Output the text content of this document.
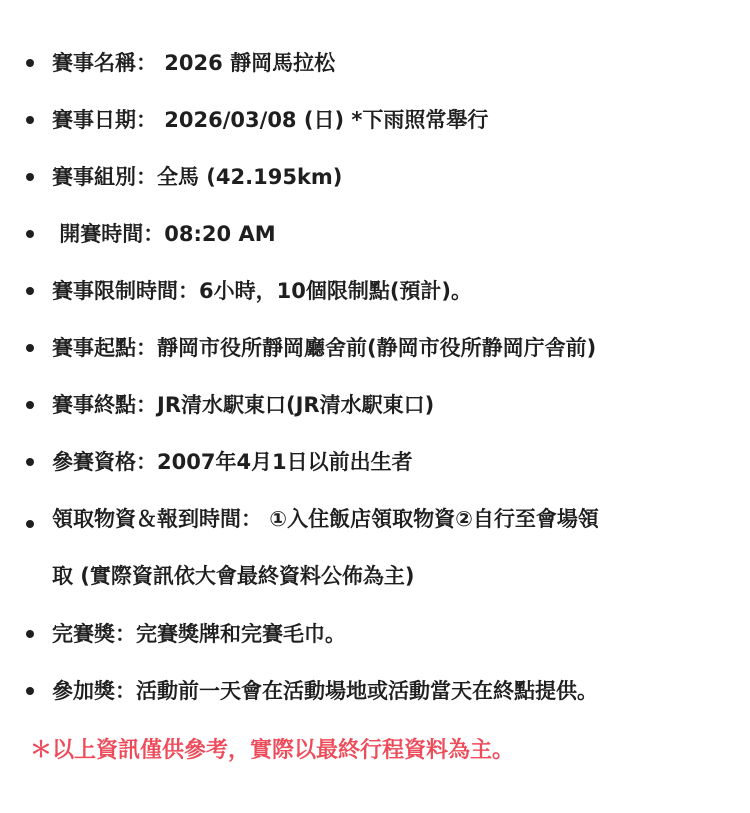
賽事名稱： 2026 靜岡馬拉松
賽事日期： 2026/03/08 (日) *下雨照常舉行
賽事組別：全馬 (42.195km)
開賽時間：08:20 AM
賽事限制時間：6小時，10個限制點(預計)。
賽事起點：靜岡市役所靜岡廳舍前(静岡市役所静岡庁舎前)
賽事終點：JR清水駅東口(JR清水駅東口)
參賽資格：2007年4月1日以前出生者
領取物資＆報到時間： ①入住飯店領取物資②自行至會場領
取 (實際資訊依大會最終資料公佈為主)
完賽獎：完賽獎牌和完賽毛巾。
參加獎：活動前一天會在活動場地或活動當天在終點提供。
＊以上資訊僅供參考，實際以最終行程資料為主。
